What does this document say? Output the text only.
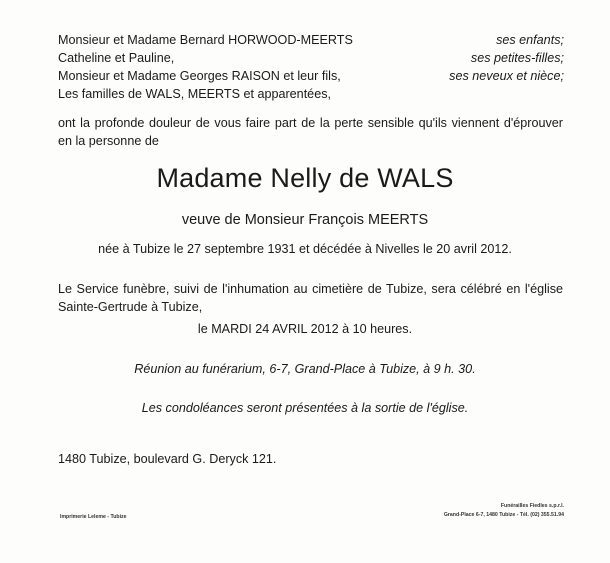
Monsieur et Madame Bernard HORWOOD-MEERTS	ses enfants;
Catheline et Pauline,	ses petites-filles;
Monsieur et Madame Georges RAISON et leur fils,	ses neveux et nièce;
Les familles de WALS, MEERTS et apparentées,
ont la profonde douleur de vous faire part de la perte sensible qu'ils viennent d'éprouver en la personne de
Madame Nelly de WALS
veuve de Monsieur François MEERTS
née à Tubize le 27 septembre 1931 et décédée à Nivelles le 20 avril 2012.
Le Service funèbre, suivi de l'inhumation au cimetière de Tubize, sera célébré en l'église Sainte-Gertrude à Tubize,
le MARDI 24 AVRIL 2012 à 10 heures.
Réunion au funérarium, 6-7, Grand-Place à Tubize, à 9 h. 30.
Les condoléances seront présentées à la sortie de l'église.
1480 Tubize, boulevard G. Deryck 121.
Imprimerie Leleme - Tubize
Funérailles Fiedles s.p.r.l.
Grand-Place 6-7, 1480 Tubize - Tél. (02) 355.51.94
